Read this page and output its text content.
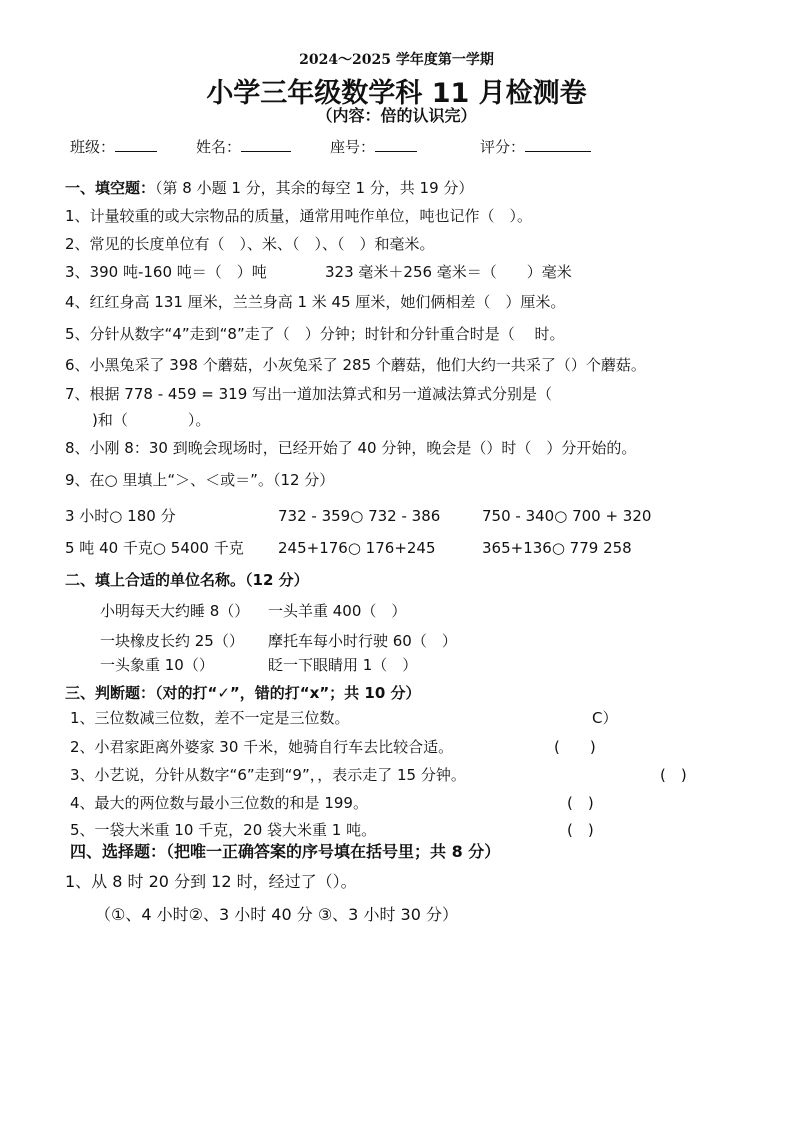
2024～2025 学年度第一学期
小学三年级数学科 11 月检测卷
（内容：倍的认识完）
班级：	姓名：	座号：	评分：
一、填空题：（第 8 小题 1 分，其余的每空 1 分，共 19 分）
1、计量较重的或大宗物品的质量，通常用吨作单位，吨也记作（　）。
2、常见的长度单位有（　）、米、（　）、（　）和毫米。
3、390 吨-160 吨＝（　）吨	323 毫米＋256 毫米＝（　　）毫米
4、红红身高 131 厘米，兰兰身高 1 米 45 厘米，她们俩相差（　）厘米。
5、分针从数字“4”走到“8”走了（　）分钟；时针和分针重合时是（　 时。
6、小黑兔采了 398 个蘑菇，小灰兔采了 285 个蘑菇，他们大约一共采了（）个蘑菇。
7、根据 778 - 459 = 319 写出一道加法算式和另一道减法算式分别是（
)和（　　　　）。
8、小刚 8：30 到晚会现场时，已经开始了 40 分钟，晚会是（）时（　）分开始的。
9、在○ 里填上“＞、＜或＝”。（12 分）
3 小时○ 180 分	732 - 359○ 732 - 386	750 - 340○ 700 + 320
5 吨 40 千克○ 5400 千克 245+176○ 176+245	365+136○ 779 258
二、填上合适的单位名称。（12 分）
小明每天大约睡 8（） 一头羊重 400（　）
一块橡皮长约 25（） 摩托车每小时行驶 60（　）
一头象重 10（）	眨一下眼睛用 1（　）
三、判断题：（对的打“✓”，错的打“x”；共 10 分）
1、三位数减三位数，差不一定是三位数。	C）
2、小君家距离外婆家 30 千米，她骑自行车去比较合适。	(　　)
3、小艺说，分针从数字“6”走到“9”，，表示走了 15 分钟。	(　)
4、最大的两位数与最小三位数的和是 199。	(　)
5、一袋大米重 10 千克，20 袋大米重 1 吨。	(　)
四、选择题：（把唯一正确答案的序号填在括号里；共 8 分）
1、从 8 时 20 分到 12 时，经过了（）。
（①、4 小时②、3 小时 40 分 ③、3 小时 30 分）
